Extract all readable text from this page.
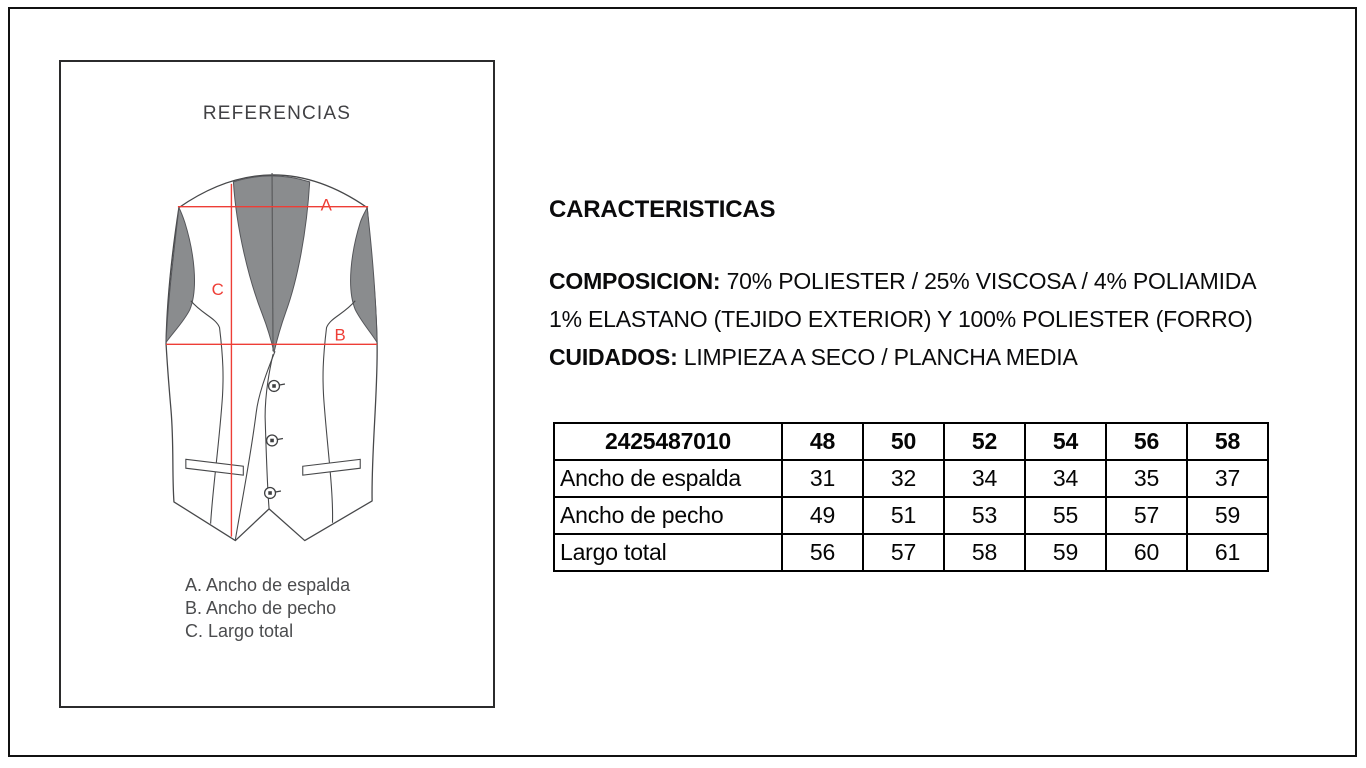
REFERENCIAS
A
B
C
A. Ancho de espalda
B. Ancho de pecho
C. Largo total
CARACTERISTICAS
COMPOSICION: 70% POLIESTER / 25% VISCOSA / 4% POLIAMIDA
1% ELASTANO (TEJIDO EXTERIOR) Y 100% POLIESTER (FORRO)
CUIDADOS: LIMPIEZA A SECO / PLANCHA MEDIA
2425487010	48	50	52	54	56	58
Ancho de espalda	31	32	34	34	35	37
Ancho de pecho	49	51	53	55	57	59
Largo total	56	57	58	59	60	61
